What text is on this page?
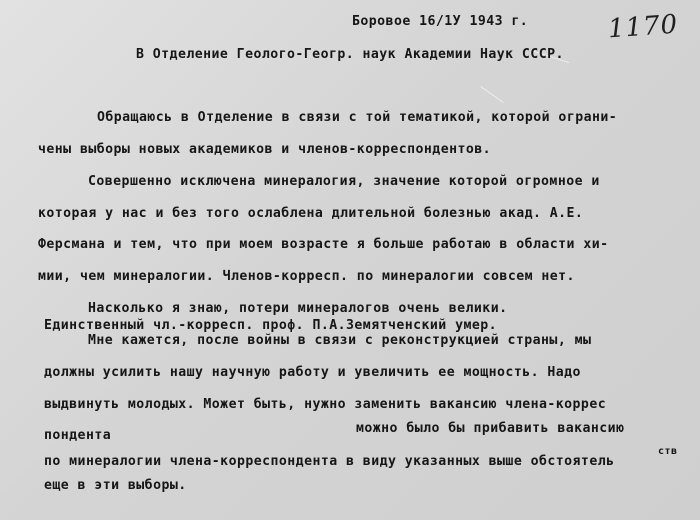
1170
Боровое 16/1У 1943 г.
В Отделение Геолого-Геогр. наук Академии Наук СССР.
Обращаюсь в Отделение в связи с той тематикой, которой ограни-
чены выборы новых академиков и членов-корреспондентов.
Совершенно исключена минералогия, значение которой огромное и
которая у нас и без того ослаблена длительной болезнью акад. А.Е.
Ферсмана и тем, что при моем возрасте я больше работаю в области хи-
мии, чем минералогии. Членов-корресп. по минералогии совсем нет.
Насколько я знаю, потери минералогов очень велики.
Единственный чл.-корресп. проф. П.А.Земятченский умер.
Мне кажется, после войны в связи с реконструкцией страны, мы
должны усилить нашу научную работу и увеличить ее мощность. Надо
выдвинуть молодых. Может быть, нужно заменить вакансию члена-коррес
пондента	можно было бы прибавить вакансию
по минералогии члена-корреспондента в виду указанных выше обстоятель
ств
еще в эти выборы.
